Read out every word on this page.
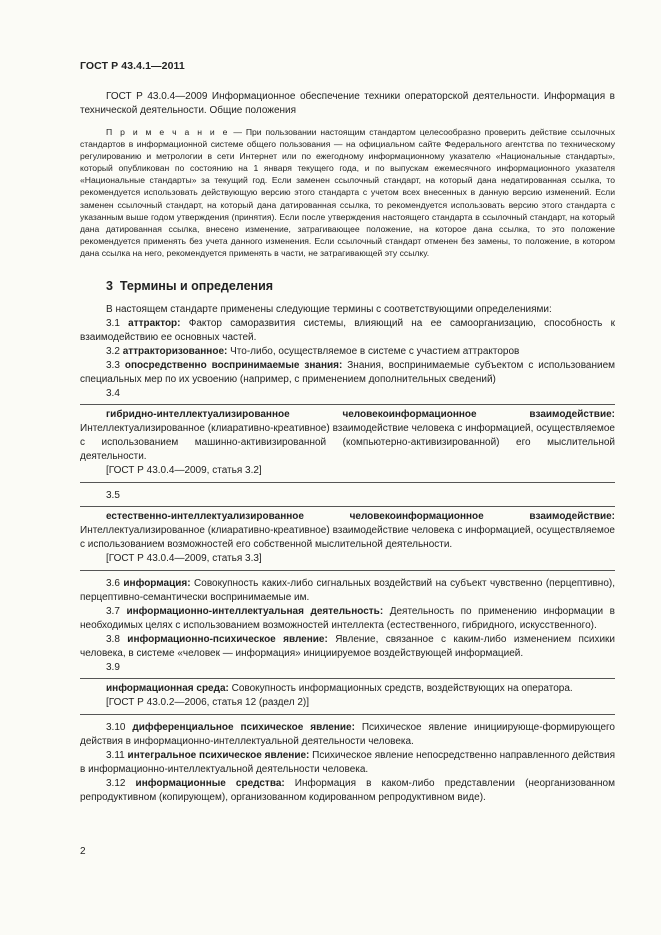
ГОСТ Р 43.4.1—2011

ГОСТ Р 43.0.4—2009 Информационное обеспечение техники операторской деятельности. Информация в технической деятельности. Общие положения

П р и м е ч а н и е — При пользовании настоящим стандартом целесообразно проверить действие ссылочных стандартов в информационной системе общего пользования — на официальном сайте Федерального агентства по техническому регулированию и метрологии в сети Интернет или по ежегодному информационному указателю «Национальные стандарты», который опубликован по состоянию на 1 января текущего года, и по выпускам ежемесячного информационного указателя «Национальные стандарты» за текущий год. Если заменен ссылочный стандарт, на который дана недатированная ссылка, то рекомендуется использовать действующую версию этого стандарта с учетом всех внесенных в данную версию изменений. Если заменен ссылочный стандарт, на который дана датированная ссылка, то рекомендуется использовать версию этого стандарта с указанным выше годом утверждения (принятия). Если после утверждения настоящего стандарта в ссылочный стандарт, на который дана датированная ссылка, внесено изменение, затрагивающее положение, на которое дана ссылка, то это положение рекомендуется применять без учета данного изменения. Если ссылочный стандарт отменен без замены, то положение, в котором дана ссылка на него, рекомендуется применять в части, не затрагивающей эту ссылку.

3 Термины и определения

В настоящем стандарте применены следующие термины с соответствующими определениями:

3.1 аттрактор: Фактор саморазвития системы, влияющий на ее самоорганизацию, способность к взаимодействию ее основных частей.

3.2 аттракторизованное: Что-либо, осуществляемое в системе с участием аттракторов

3.3 опосредственно воспринимаемые знания: Знания, воспринимаемые субъектом с использованием специальных мер по их усвоению (например, с применением дополнительных сведений)

3.4

гибридно-интеллектуализированное человекоинформационное взаимодействие: Интеллектуализированное (клиаративно-креативное) взаимодействие человека с информацией, осуществляемое с использованием машинно-активизированной (компьютерно-активизированной) его мыслительной деятельности.

[ГОСТ Р 43.0.4—2009, статья 3.2]

3.5

естественно-интеллектуализированное человекоинформационное взаимодействие: Интеллектуализированное (клиаративно-креативное) взаимодействие человека с информацией, осуществляемое с использованием возможностей его собственной мыслительной деятельности.

[ГОСТ Р 43.0.4—2009, статья 3.3]

3.6 информация: Совокупность каких-либо сигнальных воздействий на субъект чувственно (перцептивно), перцептивно-семантически воспринимаемые им.

3.7 информационно-интеллектуальная деятельность: Деятельность по применению информации в необходимых целях с использованием возможностей интеллекта (естественного, гибридного, искусственного).

3.8 информационно-психическое явление: Явление, связанное с каким-либо изменением психики человека, в системе «человек — информация» инициируемое воздействующей информацией.

3.9

информационная среда: Совокупность информационных средств, воздействующих на оператора.

[ГОСТ Р 43.0.2—2006, статья 12 (раздел 2)]

3.10 дифференциальное психическое явление: Психическое явление инициирующе-формирующего действия в информационно-интеллектуальной деятельности человека.

3.11 интегральное психическое явление: Психическое явление непосредственно направленного действия в информационно-интеллектуальной деятельности человека.

3.12 информационные средства: Информация в каком-либо представлении (неорганизованном репродуктивном (копирующем), организованном кодированном репродуктивном виде).

2
